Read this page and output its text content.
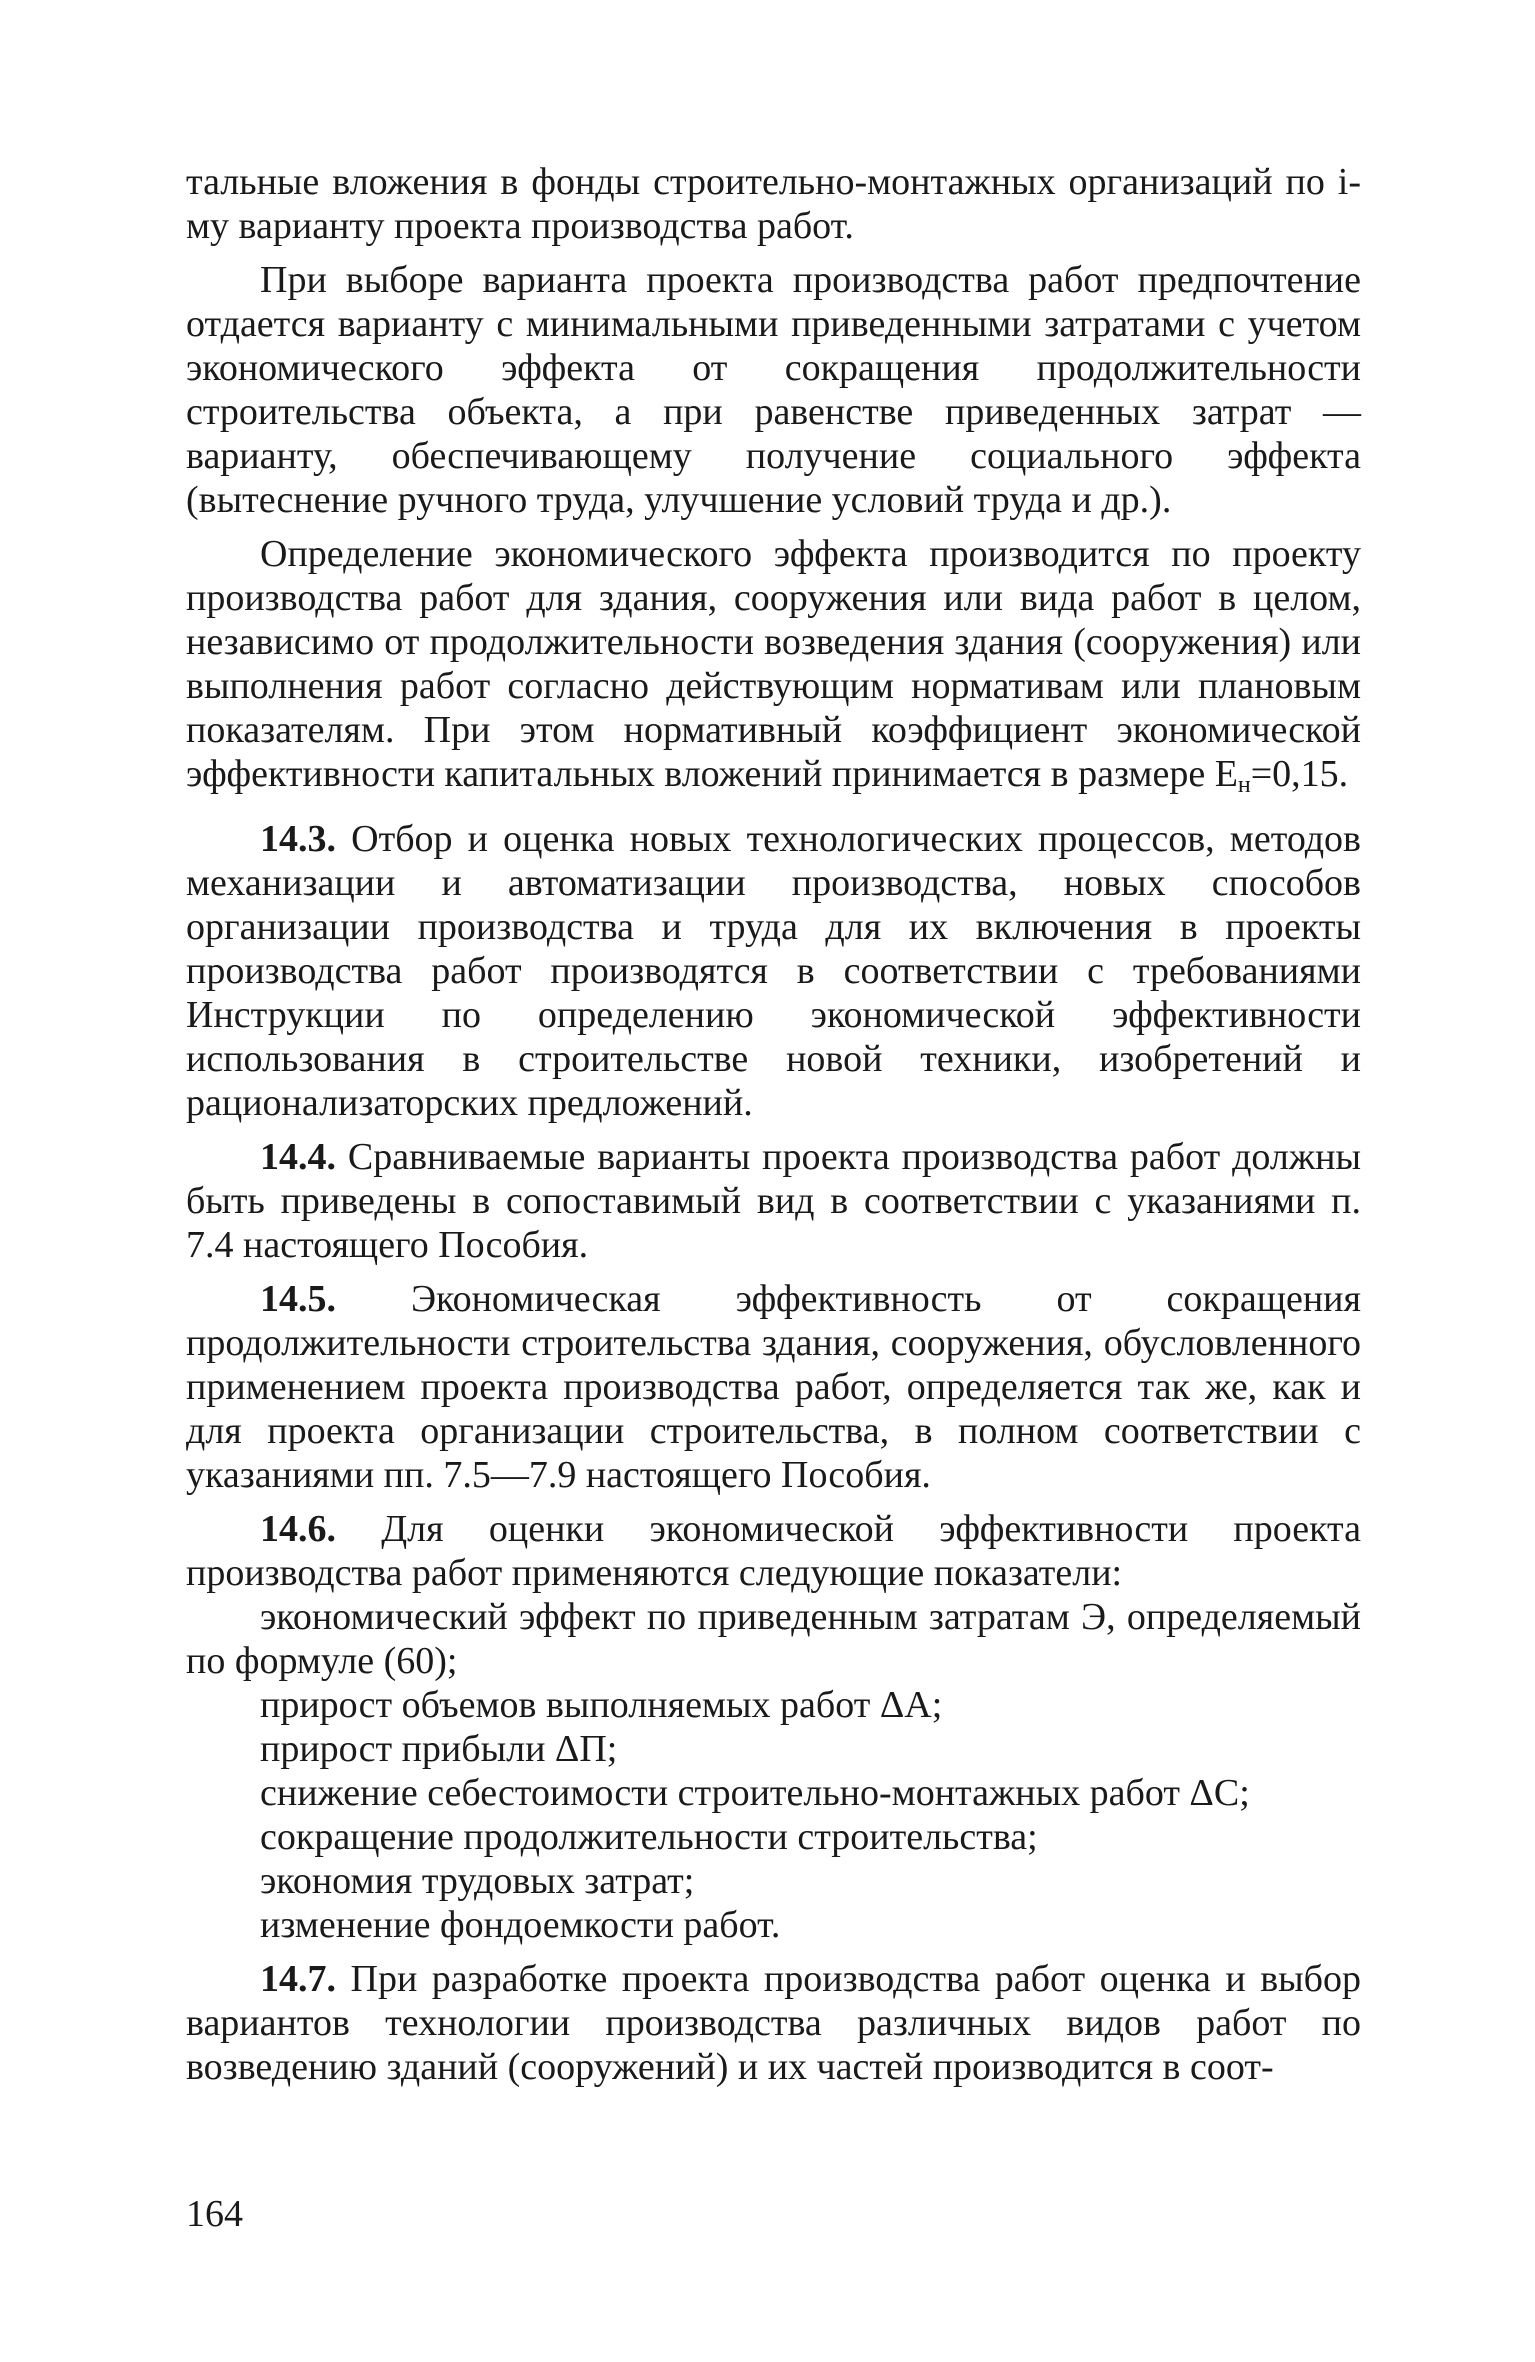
тальные вложения в фонды строительно-монтажных организаций по i-му варианту проекта производства работ.

При выборе варианта проекта производства работ предпочтение отдается варианту с минимальными приведенными затратами с учетом экономического эффекта от сокращения продолжительности строительства объекта, а при равенстве приведенных затрат — варианту, обеспечивающему получение социального эффекта (вытеснение ручного труда, улучшение условий труда и др.).

Определение экономического эффекта производится по проекту производства работ для здания, сооружения или вида работ в целом, независимо от продолжительности возведения здания (сооружения) или выполнения работ согласно действующим нормативам или плановым показателям. При этом нормативный коэффициент экономической эффективности капитальных вложений принимается в размере $Е_н=0,15$.

14.3. Отбор и оценка новых технологических процессов, методов механизации и автоматизации производства, новых способов организации производства и труда для их включения в проекты производства работ производятся в соответствии с требованиями Инструкции по определению экономической эффективности использования в строительстве новой техники, изобретений и рационализаторских предложений.

14.4. Сравниваемые варианты проекта производства работ должны быть приведены в сопоставимый вид в соответствии с указаниями п. 7.4 настоящего Пособия.

14.5. Экономическая эффективность от сокращения продолжительности строительства здания, сооружения, обусловленного применением проекта производства работ, определяется так же, как и для проекта организации строительства, в полном соответствии с указаниями пп. 7.5—7.9 настоящего Пособия.

14.6. Для оценки экономической эффективности проекта производства работ применяются следующие показатели:

экономический эффект по приведенным затратам Э, определяемый по формуле (60);

прирост объемов выполняемых работ ΔА;

прирост прибыли ΔП;

снижение себестоимости строительно-монтажных работ ΔС;

сокращение продолжительности строительства;

экономия трудовых затрат;

изменение фондоемкости работ.

14.7. При разработке проекта производства работ оценка и выбор вариантов технологии производства различных видов работ по возведению зданий (сооружений) и их частей производится в соот-

164
